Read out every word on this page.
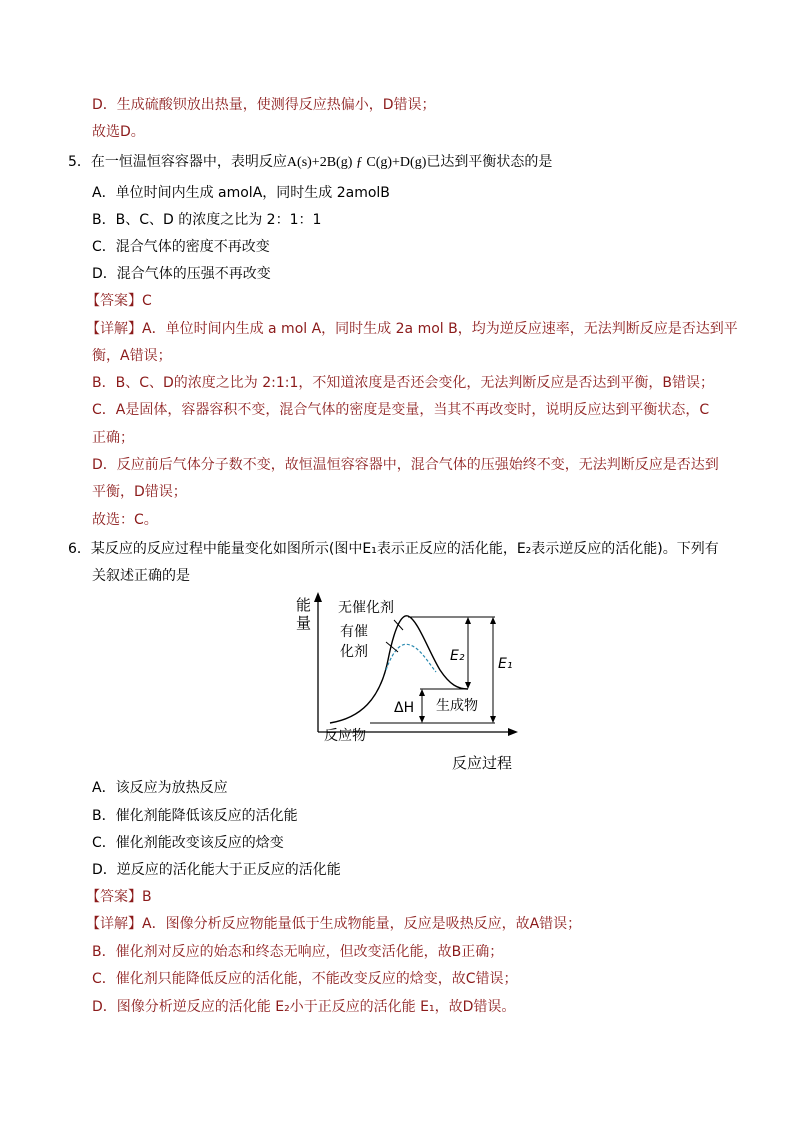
D．生成硫酸钡放出热量，使测得反应热偏小，D错误；
故选D。
5．在一恒温恒容容器中，表明反应A(s)+2B(g) ƒ C(g)+D(g)已达到平衡状态的是
A．单位时间内生成 amolA，同时生成 2amolB
B．B、C、D 的浓度之比为 2：1：1
C．混合气体的密度不再改变
D．混合气体的压强不再改变
【答案】C
【详解】A．单位时间内生成 a mol A，同时生成 2a mol B，均为逆反应速率，无法判断反应是否达到平
衡，A错误；
B．B、C、D的浓度之比为 2:1:1，不知道浓度是否还会变化，无法判断反应是否达到平衡，B错误；
C．A是固体，容器容积不变，混合气体的密度是变量，当其不再改变时，说明反应达到平衡状态，C
正确；
D．反应前后气体分子数不变，故恒温恒容容器中，混合气体的压强始终不变，无法判断反应是否达到
平衡，D错误；
故选：C。
6．某反应的反应过程中能量变化如图所示(图中E₁表示正反应的活化能，E₂表示逆反应的活化能)。下列有
关叙述正确的是
能
量
反应过程
无催化剂
有催
化剂	E₂ E₁
ΔH 生成物
反应物
A．该反应为放热反应
B．催化剂能降低该反应的活化能
C．催化剂能改变该反应的焓变
D．逆反应的活化能大于正反应的活化能
【答案】B
【详解】A．图像分析反应物能量低于生成物能量，反应是吸热反应，故A错误；
B．催化剂对反应的始态和终态无响应，但改变活化能，故B正确；
C．催化剂只能降低反应的活化能，不能改变反应的焓变，故C错误；
D．图像分析逆反应的活化能 E₂小于正反应的活化能 E₁，故D错误。
